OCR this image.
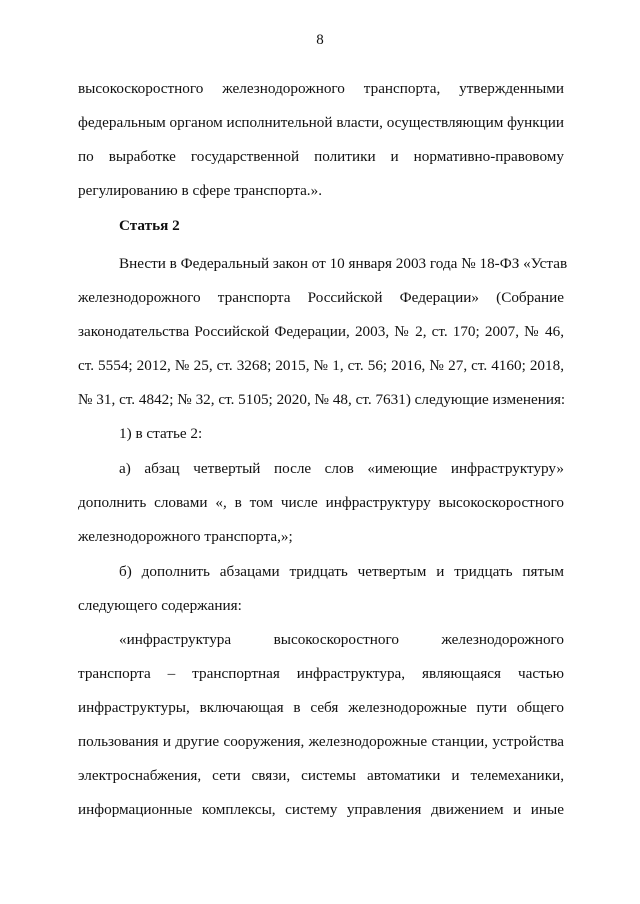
8
высокоскоростного железнодорожного транспорта, утвержденными
федеральным органом исполнительной власти, осуществляющим функции
по выработке государственной политики и нормативно-правовому
регулированию в сфере транспорта.».
Статья 2
Внести в Федеральный закон от 10 января 2003 года № 18-ФЗ «Устав
железнодорожного транспорта Российской Федерации» (Собрание
законодательства Российской Федерации, 2003, № 2, ст. 170; 2007, № 46,
ст. 5554; 2012, № 25, ст. 3268; 2015, № 1, ст. 56; 2016, № 27, ст. 4160; 2018,
№ 31, ст. 4842; № 32, ст. 5105; 2020, № 48, ст. 7631) следующие изменения:
1) в статье 2:
а) абзац четвертый после слов «имеющие инфраструктуру»
дополнить словами «, в том числе инфраструктуру высокоскоростного
железнодорожного транспорта,»;
б) дополнить абзацами тридцать четвертым и тридцать пятым
следующего содержания:
«инфраструктура высокоскоростного железнодорожного
транспорта – транспортная инфраструктура, являющаяся частью
инфраструктуры, включающая в себя железнодорожные пути общего
пользования и другие сооружения, железнодорожные станции, устройства
электроснабжения, сети связи, системы автоматики и телемеханики,
информационные комплексы, систему управления движением и иные
